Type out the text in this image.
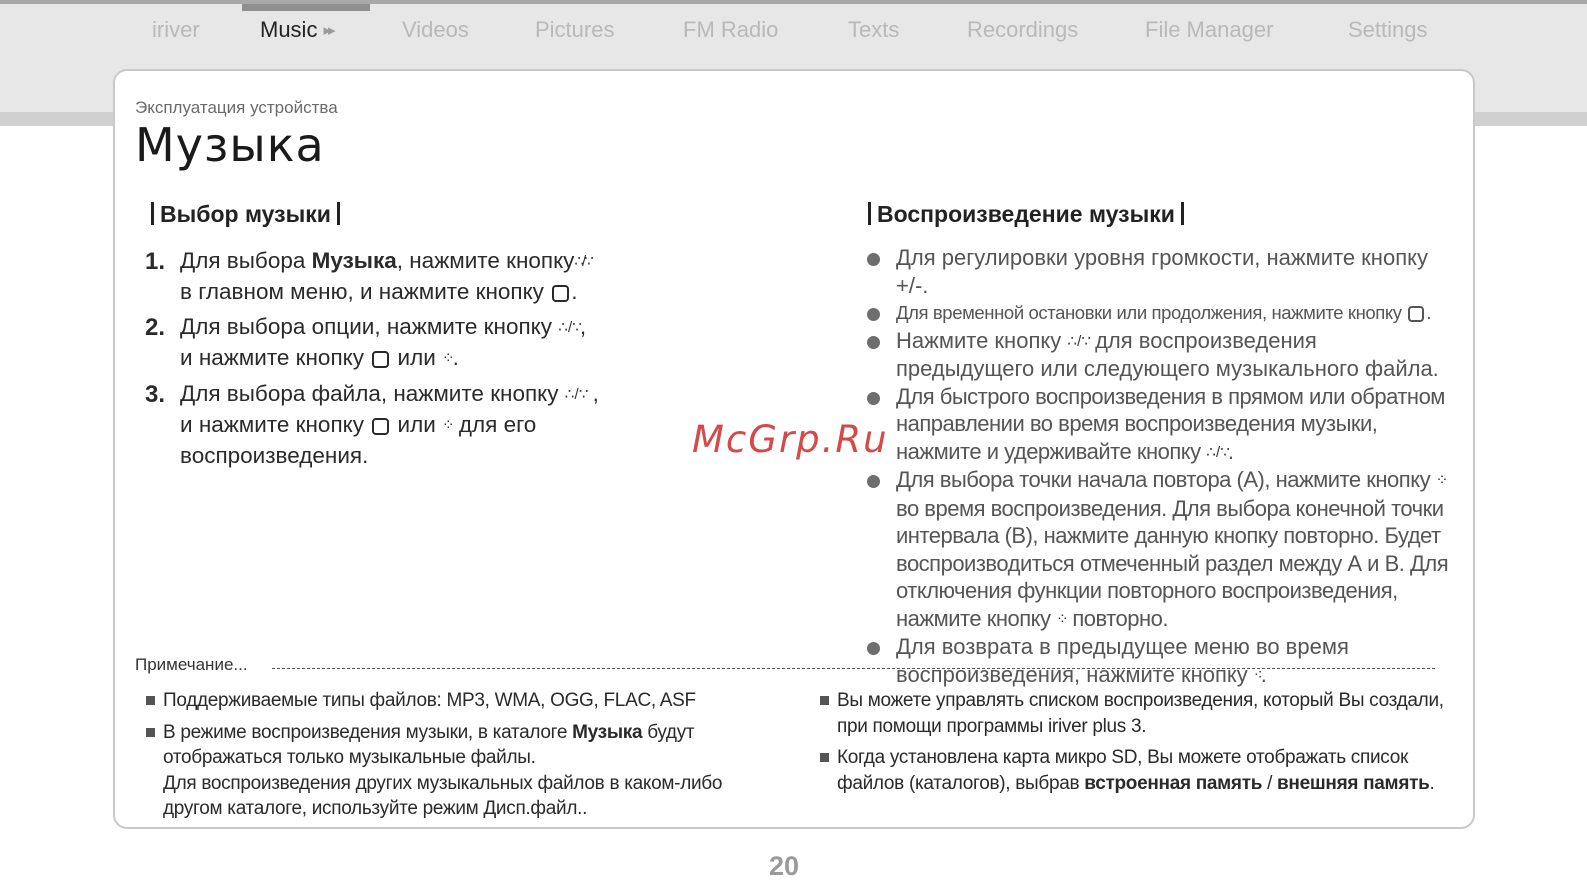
iriver	Music ▸▸	Videos	Pictures	FM Radio	Texts	Recordings	File Manager	Settings
Эксплуатация устройства
Музыка
Выбор музыки
1. Для выбора Музыка, нажмите кнопку∴/∵
в главном меню, и нажмите кнопку .
2. Для выбора опции, нажмите кнопку ∴ / ∵,
и нажмите кнопку или ⁘.
3. Для выбора файла, нажмите кнопку ∴ / ∵ ,
и нажмите кнопку или ⁘ для его
воспроизведения.
Воспроизведение музыки
Для регулировки уровня громкости, нажмите кнопку +/-.
Для временной остановки или продолжения, нажмите кнопку .
Нажмите кнопку ∴ / ∵ для воспроизведения
предыдущего или следующего музыкального файла.
Для быстрого воспроизведения в прямом или обратном направлении во время воспроизведения музыки, нажмите и удерживайте кнопку ∴ / ∵.
Для выбора точки начала повтора (A), нажмите кнопку ⁘ во время воспроизведения. Для выбора конечной точки интервала (B), нажмите данную кнопку повторно. Будет воспроизводиться отмеченный раздел между А и В. Для отключения функции повторного воспроизведения, нажмите кнопку ⁘ повторно.
Для возврата в предыдущее меню во время воспроизведения, нажмите кнопку ⁖.
McGrp.Ru
Примечание...
Поддерживаемые типы файлов: MP3, WMA, OGG, FLAC, ASF
В режиме воспроизведения музыки, в каталоге Музыка будут отображаться только музыкальные файлы.
Для воспроизведения других музыкальных файлов в каком-либо другом каталоге, используйте режим Дисп.файл..
Вы можете управлять списком воспроизведения, который Вы создали, при помощи программы iriver plus 3.
Когда установлена карта микро SD, Вы можете отображать список файлов (каталогов), выбрав встроенная память / внешняя память.
20
